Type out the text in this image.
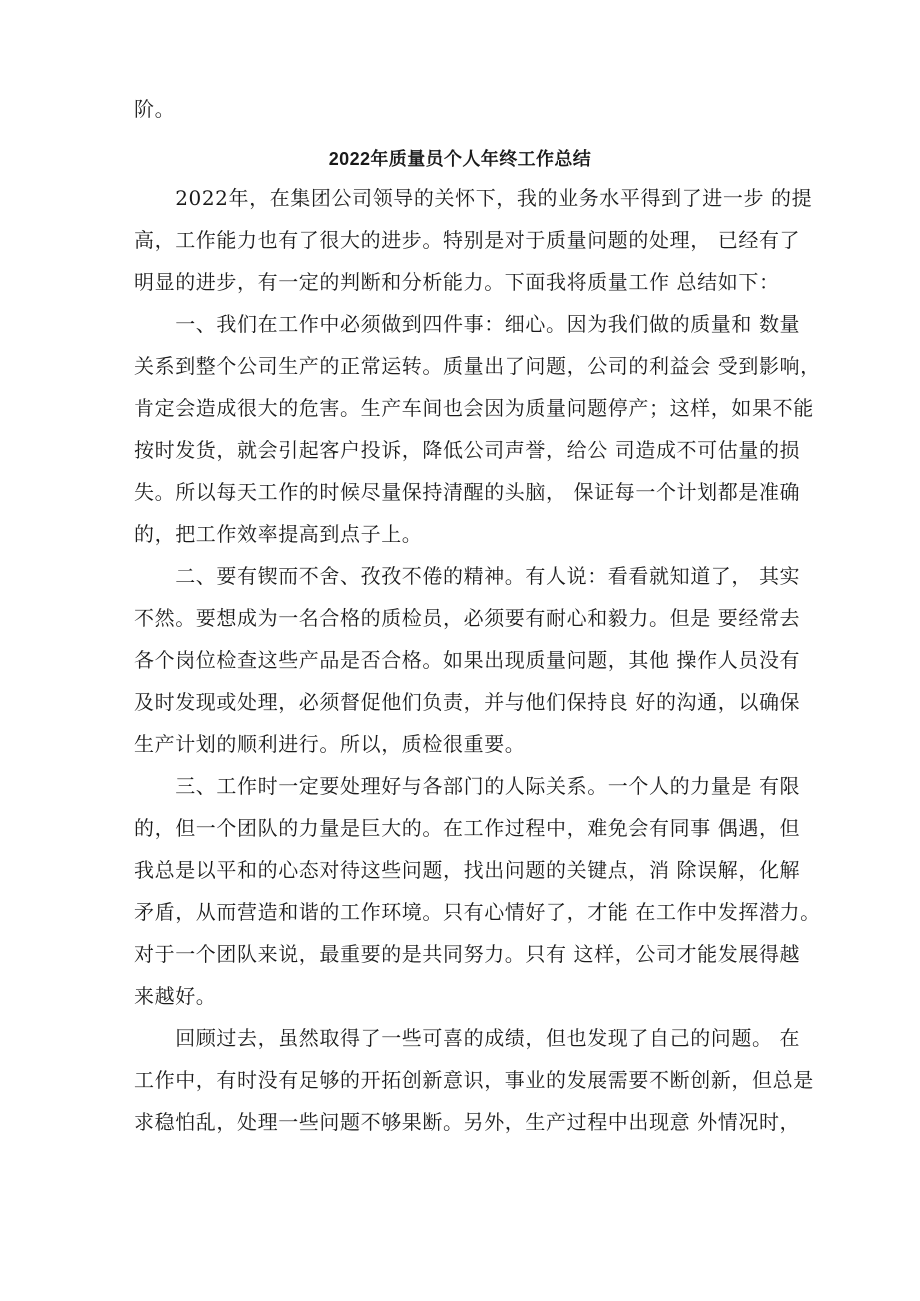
阶。
2022年质量员个人年终工作总结
　　2022年，在集团公司领导的关怀下，我的业务水平得到了进一步 的提
高，工作能力也有了很大的进步。特别是对于质量问题的处理， 已经有了
明显的进步，有一定的判断和分析能力。下面我将质量工作 总结如下：
　　一、我们在工作中必须做到四件事：细心。因为我们做的质量和 数量
关系到整个公司生产的正常运转。质量出了问题，公司的利益会 受到影响，
肯定会造成很大的危害。生产车间也会因为质量问题停产；这样，如果不能
按时发货，就会引起客户投诉，降低公司声誉，给公 司造成不可估量的损
失。所以每天工作的时候尽量保持清醒的头脑， 保证每一个计划都是准确
的，把工作效率提高到点子上。
　　二、要有锲而不舍、孜孜不倦的精神。有人说：看看就知道了， 其实
不然。要想成为一名合格的质检员，必须要有耐心和毅力。但是 要经常去
各个岗位检查这些产品是否合格。如果出现质量问题，其他 操作人员没有
及时发现或处理，必须督促他们负责，并与他们保持良 好的沟通，以确保
生产计划的顺利进行。所以，质检很重要。
　　三、工作时一定要处理好与各部门的人际关系。一个人的力量是 有限
的，但一个团队的力量是巨大的。在工作过程中，难免会有同事 偶遇，但
我总是以平和的心态对待这些问题，找出问题的关键点，消 除误解，化解
矛盾，从而营造和谐的工作环境。只有心情好了，才能 在工作中发挥潜力。
对于一个团队来说，最重要的是共同努力。只有 这样，公司才能发展得越
来越好。
　　回顾过去，虽然取得了一些可喜的成绩，但也发现了自己的问题。 在
工作中，有时没有足够的开拓创新意识，事业的发展需要不断创新，但总是
求稳怕乱，处理一些问题不够果断。另外，生产过程中出现意 外情况时，
